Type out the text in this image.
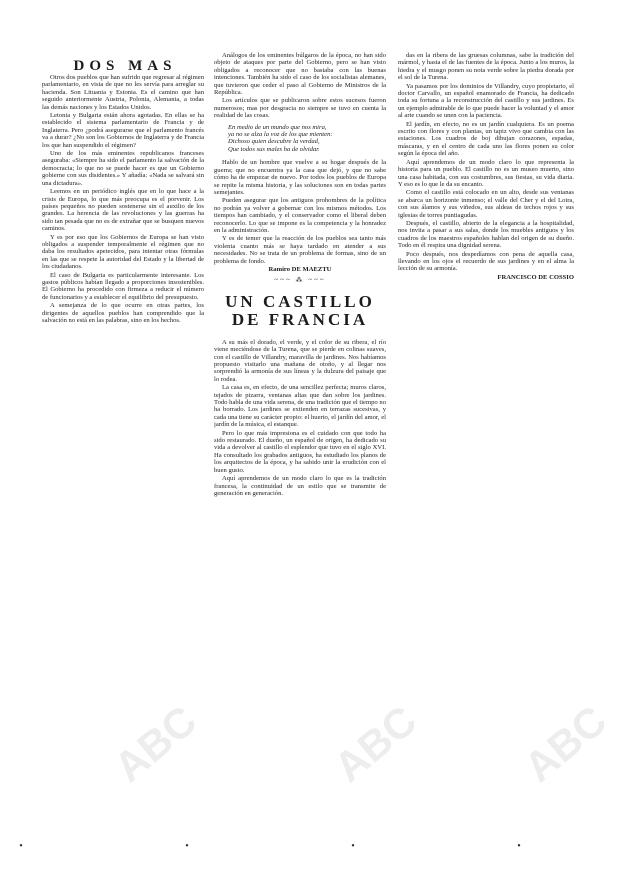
ABC	ABC ABC
DOS MAS

Otros dos pueblos que han sufrido que regresar al régimen parlamentario, en vista de que no les servía para arreglar su hacienda. Son Lituania y Estonia. Es el camino que han seguido anteriormente Austria, Polonia, Alemania, a todas las demás naciones y los Estados Unidos.

Letonia y Bulgaria están ahora agotadas. En ellas se ha establecido el sistema parlamentario de Francia y de Inglaterra. Pero ¿podrá asegurarse que el parlamento francés va a durar? ¿No son los Gobiernos de Inglaterra y de Francia los que han suspendido el régimen?

Uno de los más eminentes republicanos franceses aseguraba: «Siempre ha sido el parlamento la salvación de la democracia; lo que no se puede hacer es que un Gobierno gobierne con sus disidentes.» Y añadía: «Nada se salvará sin una dictadura».

Leemos en un periódico inglés que en lo que hace a la crisis de Europa, lo que más preocupa es el porvenir. Los países pequeños no pueden sostenerse sin el auxilio de los grandes. La herencia de las revoluciones y las guerras ha sido tan pesada que no es de extrañar que se busquen nuevos caminos.

Y es por eso que los Gobiernos de Europa se han visto obligados a suspender temporalmente el régimen que no daba los resultados apetecidos, para intentar otras fórmulas en las que se respete la autoridad del Estado y la libertad de los ciudadanos.

El caso de Bulgaria es particularmente interesante. Los gastos públicos habían llegado a proporciones insostenibles. El Gobierno ha procedido con firmeza a reducir el número de funcionarios y a establecer el equilibrio del presupuesto.

A semejanza de lo que ocurre en otras partes, los dirigentes de aquellos pueblos han comprendido que la salvación no está en las palabras, sino en los hechos.

Análogos de los eminentes búlgaros de la época, no han sido objeto de ataques por parte del Gobierno, pero se han visto obligados a reconocer que no bastaba con las buenas intenciones. También ha sido el caso de los socialistas alemanes, que tuvieron que ceder el paso al Gobierno de Ministros de la República.

Los artículos que se publicaron sobre estos sucesos fueron numerosos; mas por desgracia no siempre se tuvo en cuenta la realidad de las cosas.

En medio de un mundo que nos mira,
ya no se alza la voz de los que mienten:
Dichoso quien descubre la verdad,
Que todos sus males ha de olvidar.

Hablo de un hombre que vuelve a su hogar después de la guerra; que no encuentra ya la casa que dejó, y que no sabe cómo ha de empezar de nuevo. Por todos los pueblos de Europa se repite la misma historia, y las soluciones son en todas partes semejantes.

Pueden asegurar que los antiguos prohombres de la política no podrán ya volver a gobernar con los mismos métodos. Los tiempos han cambiado, y el conservador como el liberal deben reconocerlo. Lo que se impone es la competencia y la honradez en la administración.

Y es de temer que la reacción de los pueblos sea tanto más violenta cuanto más se haya tardado en atender a sus necesidades. No se trata de un problema de formas, sino de un problema de fondo.

Ramiro DE MAEZTU

~~~ ⁂ ~~~
UN CASTILLO DE FRANCIA

A su más el dorado, el verde, y el color de su ribera, el río viene meciéndose de la Turena, que se pierde en colinas suaves, con el castillo de Villandry, maravilla de jardines. Nos habíamos propuesto visitarlo una mañana de otoño, y al llegar nos sorprendió la armonía de sus líneas y la dulzura del paisaje que lo rodea.

La casa es, en efecto, de una sencillez perfecta; muros claros, tejados de pizarra, ventanas altas que dan sobre los jardines. Todo habla de una vida serena, de una tradición que el tiempo no ha borrado. Los jardines se extienden en terrazas sucesivas, y cada una tiene su carácter propio: el huerto, el jardín del amor, el jardín de la música, el estanque.

Pero lo que más impresiona es el cuidado con que todo ha sido restaurado. El dueño, un español de origen, ha dedicado su vida a devolver al castillo el esplendor que tuvo en el siglo XVI. Ha consultado los grabados antiguos, ha estudiado los planos de los arquitectos de la época, y ha sabido unir la erudición con el buen gusto.

Aquí aprendemos de un modo claro lo que es la tradición francesa, la continuidad de un estilo que se transmite de generación en generación.

das en la ribera de las gruesas columnas, sabe la tradición del mármol, y hasta el de las fuentes de la época. Junto a los muros, la hiedra y el musgo ponen su nota verde sobre la piedra dorada por el sol de la Turena.

Ya pasamos por los dominios de Villandry, cuyo propietario, el doctor Carvallo, un español enamorado de Francia, ha dedicado toda su fortuna a la reconstrucción del castillo y sus jardines. Es un ejemplo admirable de lo que puede hacer la voluntad y el amor al arte cuando se unen con la paciencia.

El jardín, en efecto, no es un jardín cualquiera. Es un poema escrito con flores y con plantas, un tapiz vivo que cambia con las estaciones. Los cuadros de boj dibujan corazones, espadas, máscaras, y en el centro de cada uno las flores ponen su color según la época del año.

Aquí aprendemos de un modo claro lo que representa la historia para un pueblo. El castillo no es un museo muerto, sino una casa habitada, con sus costumbres, sus fiestas, su vida diaria. Y eso es lo que le da su encanto.

Como el castillo está colocado en un alto, desde sus ventanas se abarca un horizonte inmenso; el valle del Cher y el del Loira, con sus álamos y sus viñedos, sus aldeas de techos rojos y sus iglesias de torres puntiagudas.

Después, el castillo, abierto de la elegancia a la hospitalidad, nos invita a pasar a sus salas, donde los muebles antiguos y los cuadros de los maestros españoles hablan del origen de su dueño. Todo en él respira una dignidad serena.

Poco después, nos despedíamos con pena de aquella casa, llevando en los ojos el recuerdo de sus jardines y en el alma la lección de su armonía.

FRANCISCO DE COSSIO

• • • •
